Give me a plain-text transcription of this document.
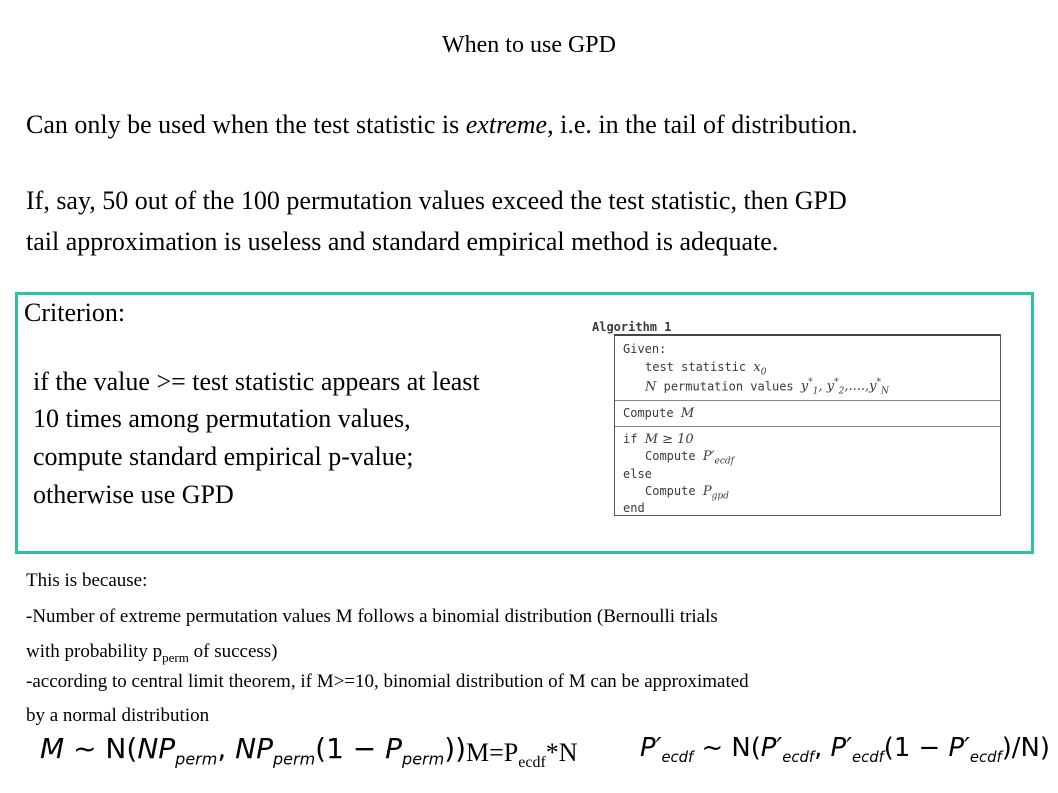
When to use GPD
Can only be used when the test statistic is extreme, i.e. in the tail of distribution.
If, say, 50 out of the 100 permutation values exceed the test statistic, then GPD
tail approximation is useless and standard empirical method is adequate.
Criterion:
if the value >= test statistic appears at least
10 times among permutation values,
compute standard empirical p-value;
otherwise use GPD
Algorithm 1
Given:
test statistic $x_0$
N permutation values $y^*_1$, $y^*_2,....,y^*_N$
Compute M
if M ≥ 10
Compute $P'_{ecdf}$
else
Compute $P_{gpd}$
end
This is because:
-Number of extreme permutation values M follows a binomial distribution (Bernoulli trials
with probability $p_{perm}$ of success)
-according to central limit theorem, if M>=10, binomial distribution of M can be approximated
by a normal distribution
M ~ $N(NP_{perm}$, $NP_{perm}(1 - P_{perm})$) $M=P_{ecdf}*N$ $P'_{ecdf}$ ~ $N(P'_{ecdf}$, $P'_{ecdf}(1 - P'_{ecdf})/N$)
